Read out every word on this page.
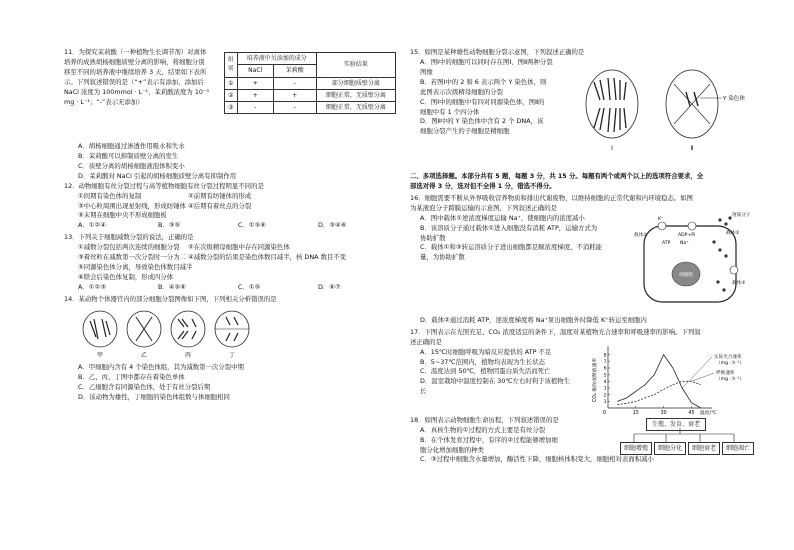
11．为探究茉莉酸（一种植物生长调节剂）对离体
培养的成熟胡杨细胞质壁分离的影响，将细胞分别
移至不同的培养液中继续培养 3 天，结果如下表所
示。下列叙述错误的是（“+”表示有添加，添加后
NaCl 浓度为 100mmol · L⁻¹，茉莉酸浓度为 10⁻³
mg · L⁻¹；“-”表示无添加）
组别	培养液中另添加的成分		实验结果
	NaCl	茉莉酸	
①	+	-	部分细胞质壁分离
②	+	+	细胞正常，无质壁分离
③	-	-	细胞正常，无质壁分离
A．胡杨细胞通过渗透作用吸水和失水
B．茉莉酸可以抑制质壁分离的发生
C．质壁分离的胡杨细胞液泡体积变小
D．茉莉酸对 NaCl 引起的胡杨细胞质壁分离有抑制作用
12．动物细胞有丝分裂过程与高等植物细胞有丝分裂过程明显不同的是
①间期有染色体的复制	②前期有纺锤体的形成
③中心粒周围出现星射线，形成纺锤体 ④后期有着丝点的分裂
⑤末期在细胞中央不形成细胞板
A．①②④	B．③⑤	C．①⑤⑥	D．③④⑥
13．下列关于细胞减数分裂的说法，正确的是
①减数分裂包括两次连续的细胞分裂	②在次级精母细胞中存在同源染色体
③着丝粒在减数第一次分裂时一分为二 ④减数分裂的结果是染色体数目减半，核 DNA 数目不变
⑤同源染色体分离，导致染色体数目减半
⑥联会后染色体复制，形成四分体
A．①②③	B．④⑤⑥	C．①⑤	D．⑥⑦
14．某动物个体器官内的部分细胞分裂图像如下图，下列相关分析错误的是
甲	乙	丙	丁
A．甲细胞内含有 4 个染色体组，其为减数第一次分裂中期
B．乙、丙、丁图中都存在着染色单体
C．乙细胞含有同源染色体，处于有丝分裂后期
D．该动物为雄性，丁细胞的染色体组数与体细胞相同
15．如图是某种雄性动物细胞分裂示意图，下列叙述正确的是
A．图Ⅰ中的细胞可以同时存在图Ⅰ、图Ⅱ两种分裂
图像
B．若图Ⅰ中的 2 和 6 表示两个 Y 染色体，则
此图表示次级精母细胞的分裂
C．图Ⅰ中的细胞中有四对同源染色体，图Ⅱ的
细胞中有 1 个四分体
D．图Ⅱ中的 Y 染色体中含有 2 个 DNA，该
细胞分裂产生的子细胞是精细胞
Ⅰ
Y 染色体
Ⅱ
二、多项选择题。本部分共有 5 题，每题 3 分，共 15 分。每题有两个或两个以上的选项符合要求，全
部选对得 3 分，选对但不全得 1 分，错选不得分。
16．细胞需要不断从外界吸收营养物质和排出代谢废物，以维持细胞的正常代谢和内环境稳态。如图
为某液泡分子跨膜运输的示意图，下列叙述正确的是
A．图中载体①逆浓度梯度运输 Na⁺，使细胞内的浓度减小
B．该溶质分子通过载体①进入细胞没有消耗 ATP，运输方式为
协助扩散
C．载体①和③转运溶质分子进出细胞都是顺浓度梯度，不消耗能
量，为协助扩散
细胞膜
载体①	ADP+Pi
ATP Na⁺
K⁺
载体②
溶质分子
载体③
D．载体②通过消耗 ATP，逆浓度梯度将 Na⁺泵出细胞外时降低 K⁺转运至细胞内
17．下图表示在光照充足、CO₂ 浓度适宜的条件下，温度对某植物光合速率和呼吸速率的影响。下列叙
述正确的是
A．15℃时细胞呼吸为暗反应提供的 ATP 不足
B．5~37℃范围内，植物均表现为生长状态
C．温度达到 50℃，植物因蛋白质失活而死亡
D．温室栽培中温度控制在 30℃左右时利于该植物生
长
1
2
3
4
5
6
7
8
15	30	45
0
CO₂ 吸收或释放速率
温度/℃
实际光合速率
（mg · h⁻¹）
呼吸速率
（mg · h⁻¹）
18．如图表示动物细胞生命历程，下列叙述错误的是
A．真核生物的①过程的方式主要是有丝分裂
B．在个体发育过程中，有序的②过程能够增加细
胞分化增加细胞的种类
C．③过程中细胞含水量增加，酶活性下降，细胞核体积变大，细胞相对表面积减小
生殖、发育、衰老
细胞增殖	细胞分化	细胞衰老	细胞凋亡
